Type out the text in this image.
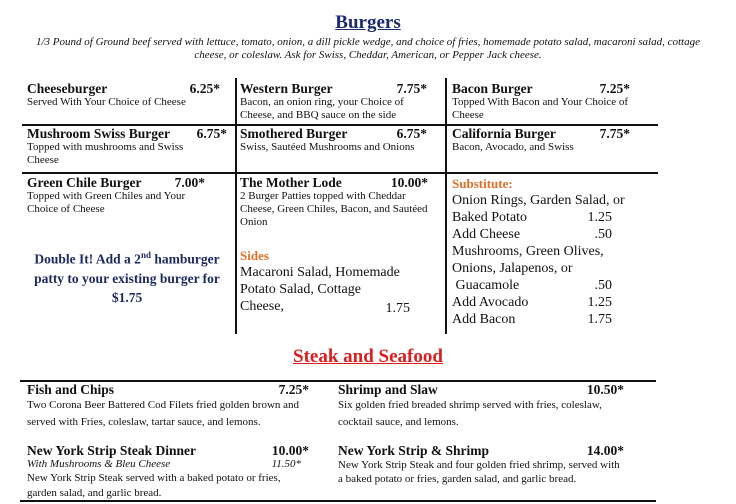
Burgers
1/3 Pound of Ground beef served with lettuce, tomato, onion, a dill pickle wedge, and choice of fries, homemade potato salad, macaroni salad, cottage cheese, or coleslaw. Ask for Swiss, Cheddar, American, or Pepper Jack cheese.
Cheeseburger	6.25*
Served With Your Choice of Cheese
Western Burger	7.75*
Bacon, an onion ring, your Choice of Cheese, and BBQ sauce on the side
Bacon Burger	7.25*
Topped With Bacon and Your Choice of Cheese
Mushroom Swiss Burger 6.75*
Topped with mushrooms and Swiss Cheese
Smothered Burger	6.75*
Swiss, Sautéed Mushrooms and Onions
California Burger	7.75*
Bacon, Avocado, and Swiss
Green Chile Burger 7.00*
Topped with Green Chiles and Your Choice of Cheese
Double It! Add a 2nd hamburger patty to your existing burger for $1.75
The Mother Lode	10.00*
2 Burger Patties topped with Cheddar Cheese, Green Chiles, Bacon, and Sautéed Onion
Sides
Macaroni Salad, Homemade Potato Salad, Cottage Cheese,	1.75
Substitute:
Onion Rings, Garden Salad, or
Baked Potato	1.25
Add Cheese	.50
Mushrooms, Green Olives,
Onions, Jalapenos, or
Guacamole	.50
Add Avocado	1.25
Add Bacon	1.75
Steak and Seafood
Fish and Chips	7.25*
Two Corona Beer Battered Cod Filets fried golden brown and served with Fries, coleslaw, tartar sauce, and lemons.
Shrimp and Slaw	10.50*
Six golden fried breaded shrimp served with fries, coleslaw, cocktail sauce, and lemons.
New York Strip Steak Dinner	10.00*
With Mushrooms & Bleu Cheese	11.50*
New York Strip Steak served with a baked potato or fries, garden salad, and garlic bread.
New York Strip & Shrimp	14.00*
New York Strip Steak and four golden fried shrimp, served with a baked potato or fries, garden salad, and garlic bread.
